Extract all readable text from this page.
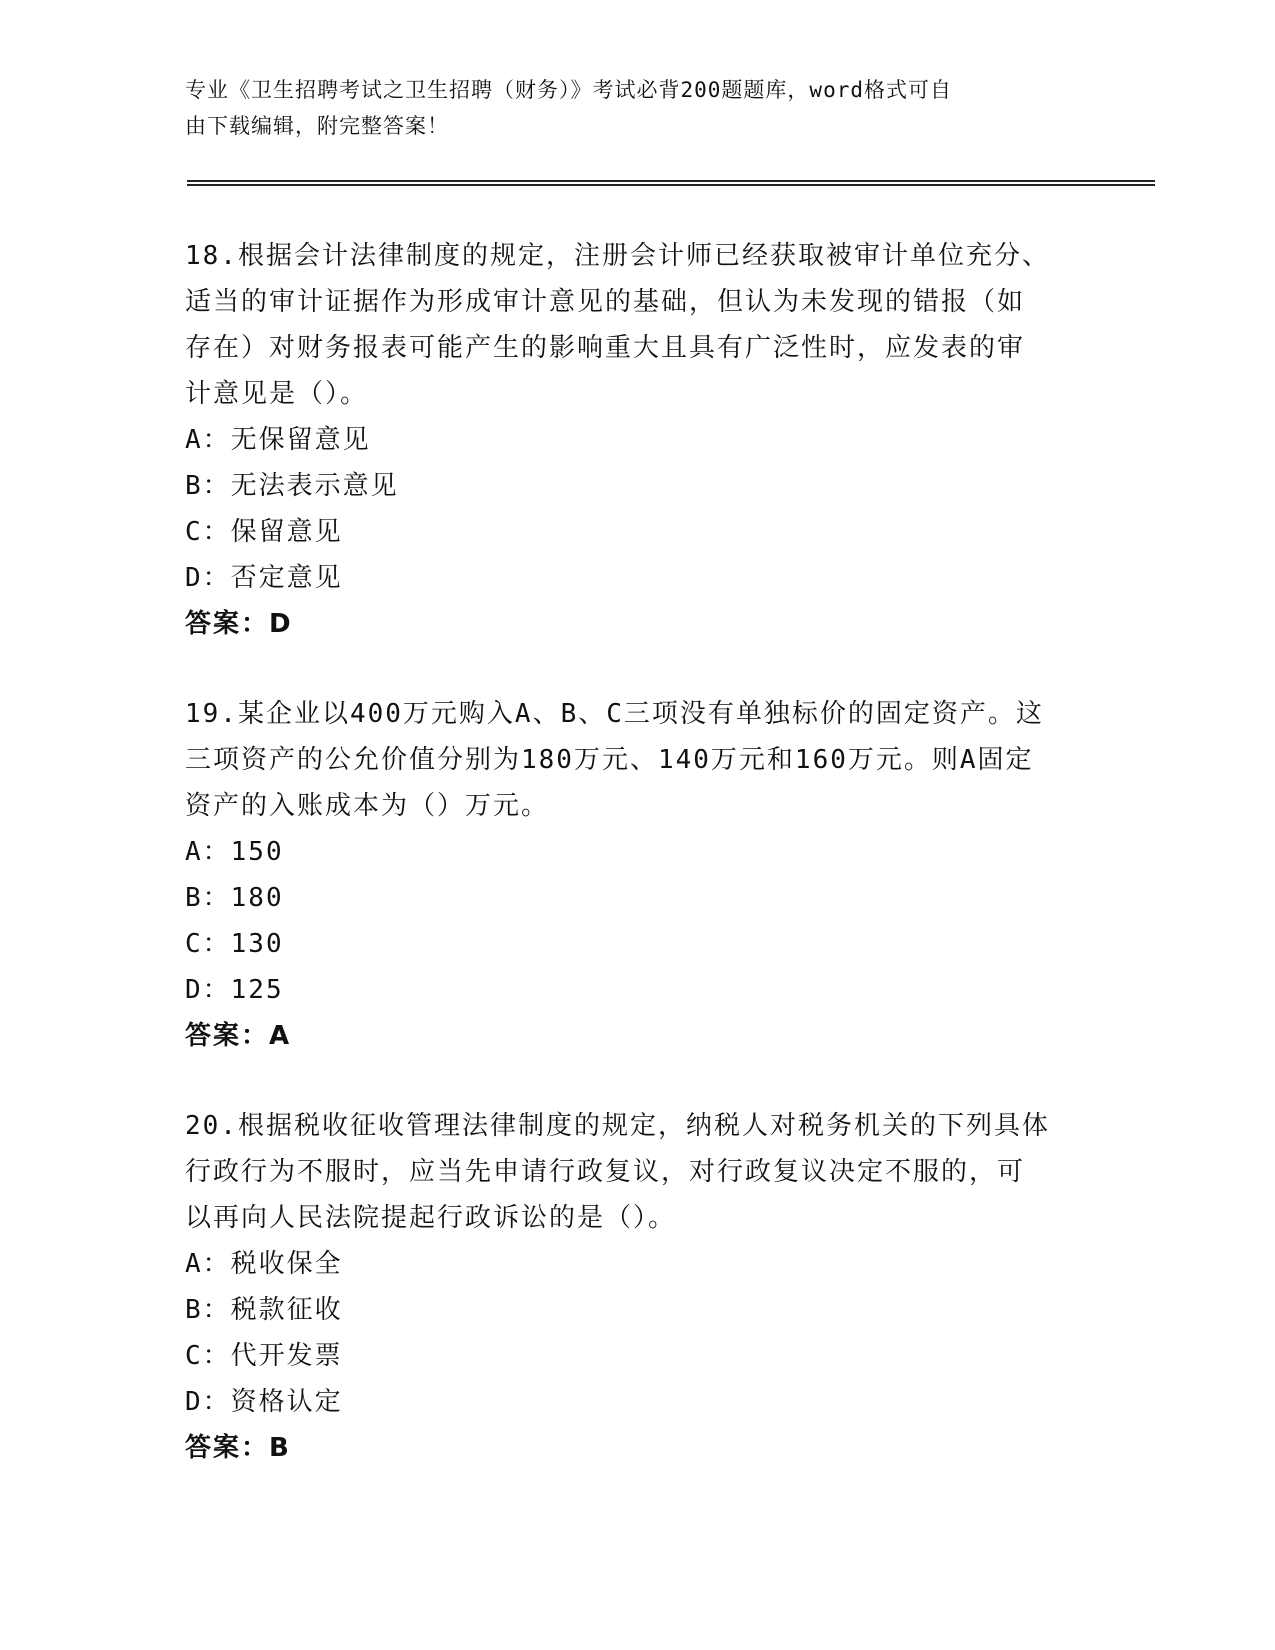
专业《卫生招聘考试之卫生招聘（财务）》考试必背200题题库，word格式可自
由下载编辑，附完整答案！

18.根据会计法律制度的规定，注册会计师已经获取被审计单位充分、

适当的审计证据作为形成审计意见的基础，但认为未发现的错报（如

存在）对财务报表可能产生的影响重大且具有广泛性时，应发表的审

计意见是（）。

A：无保留意见

B：无法表示意见

C：保留意见

D：否定意见

答案：D

19.某企业以400万元购入A、B、C三项没有单独标价的固定资产。这

三项资产的公允价值分别为180万元、140万元和160万元。则A固定

资产的入账成本为（）万元。

A：150

B：180

C：130

D：125

答案：A

20.根据税收征收管理法律制度的规定，纳税人对税务机关的下列具体

行政行为不服时，应当先申请行政复议，对行政复议决定不服的，可

以再向人民法院提起行政诉讼的是（）。

A：税收保全

B：税款征收

C：代开发票

D：资格认定

答案：B
